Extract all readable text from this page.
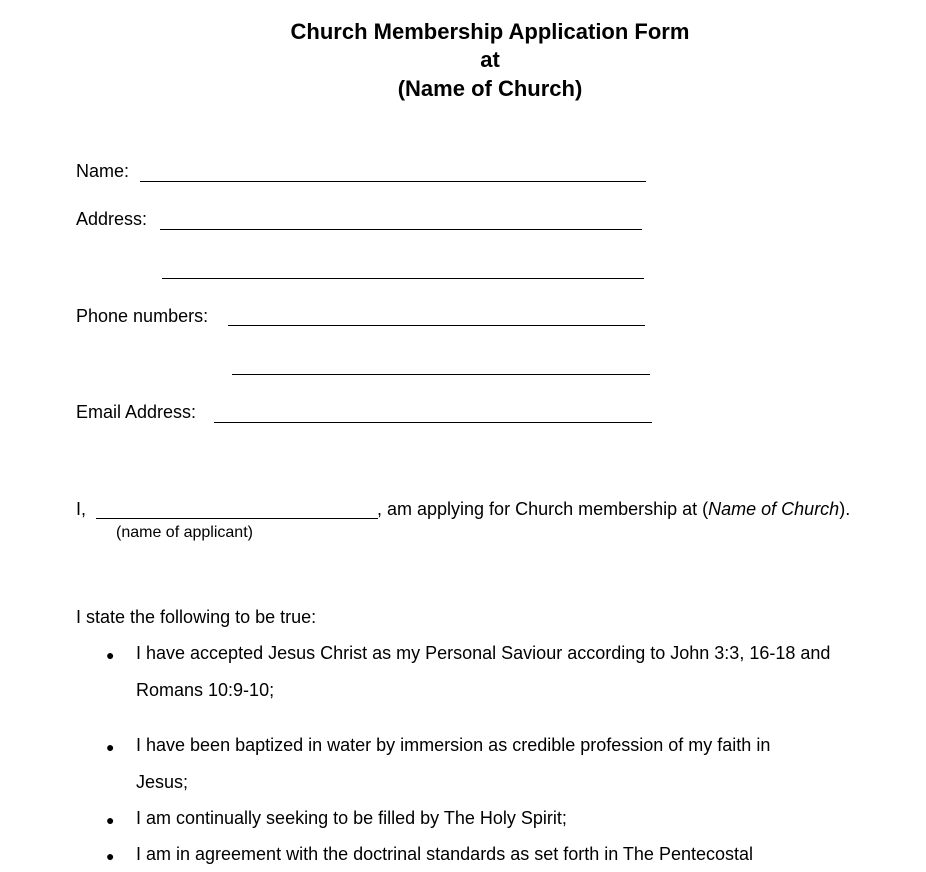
Church Membership Application Form
at
(Name of Church)
Name:
Address:
Phone numbers:
Email Address:
I,	, am applying for Church membership at (Name of Church).
(name of applicant)
I state the following to be true:
● I have accepted Jesus Christ as my Personal Saviour according to John 3:3, 16-18 and
Romans 10:9-10;
● I have been baptized in water by immersion as credible profession of my faith in
Jesus;
● I am continually seeking to be filled by The Holy Spirit;
● I am in agreement with the doctrinal standards as set forth in The Pentecostal
